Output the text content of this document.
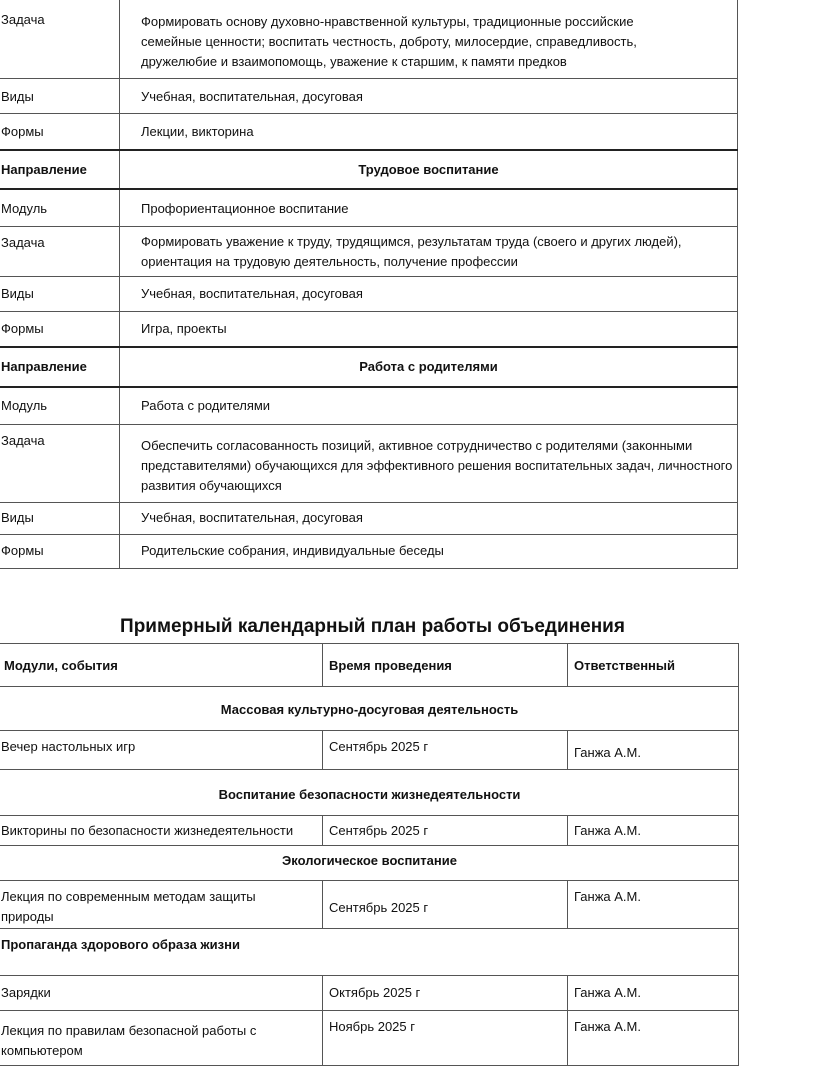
Задача	Формировать основу духовно-нравственной культуры, традиционные российские семейные ценности; воспитать честность, доброту, милосердие, справедливость, дружелюбие и взаимопомощь, уважение к старшим, к памяти предков
Виды	Учебная, воспитательная, досуговая
Формы	Лекции, викторина
Направление	Трудовое воспитание
Модуль	Профориентационное воспитание
Задача	Формировать уважение к труду, трудящимся, результатам труда (своего и других людей), ориентация на трудовую деятельность, получение профессии
Виды	Учебная, воспитательная, досуговая
Формы	Игра, проекты
Направление	Работа с родителями
Модуль	Работа с родителями
Задача	Обеспечить согласованность позиций, активное сотрудничество с родителями (законными представителями) обучающихся для эффективного решения воспитательных задач, личностного развития обучающихся
Виды	Учебная, воспитательная, досуговая
Формы	Родительские собрания, индивидуальные беседы
Примерный календарный план работы объединения
Модули, события	Время проведения	Ответственный
Массовая культурно-досуговая деятельность		
Вечер настольных игр	Сентябрь 2025 г	Ганжа А.М.
Воспитание безопасности жизнедеятельности		
Викторины по безопасности жизнедеятельности	Сентябрь 2025 г	Ганжа А.М.
Экологическое воспитание		
Лекция по современным методам защиты природы	Сентябрь 2025 г	Ганжа А.М.
Пропаганда здорового образа жизни		
Зарядки	Октябрь 2025 г	Ганжа А.М.
Лекция по правилам безопасной работы с компьютером	Ноябрь 2025 г	Ганжа А.М.
